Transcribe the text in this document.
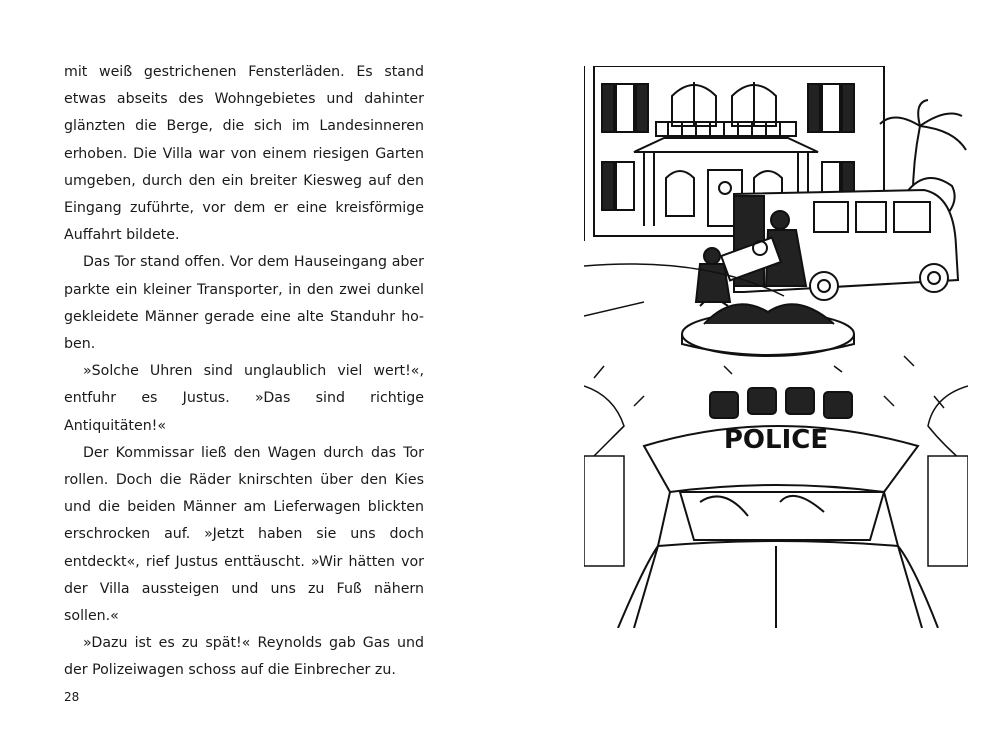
mit weiß gestrichenen Fensterläden. Es stand etwas abseits des Wohngebietes und dahinter glänzten die Berge, die sich im Landesinneren erhoben. Die Villa war von einem riesigen Garten umgeben, durch den ein breiter Kiesweg auf den Eingang zuführte, vor dem er eine kreisförmige Auffahrt bildete.

Das Tor stand offen. Vor dem Hauseingang aber parkte ein kleiner Transporter, in den zwei dunkel gekleidete Männer gerade eine alte Standuhr hoben.

»Solche Uhren sind unglaublich viel wert!«, entfuhr es Justus. »Das sind richtige Antiquitäten!«

Der Kommissar ließ den Wagen durch das Tor rollen. Doch die Räder knirschten über den Kies und die beiden Männer am Lieferwagen blickten erschrocken auf. »Jetzt haben sie uns doch entdeckt«, rief Justus enttäuscht. »Wir hätten vor der Villa aussteigen und uns zu Fuß nähern sollen.«

»Dazu ist es zu spät!« Reynolds gab Gas und der Polizeiwagen schoss auf die Einbrecher zu.

28
POLICE
